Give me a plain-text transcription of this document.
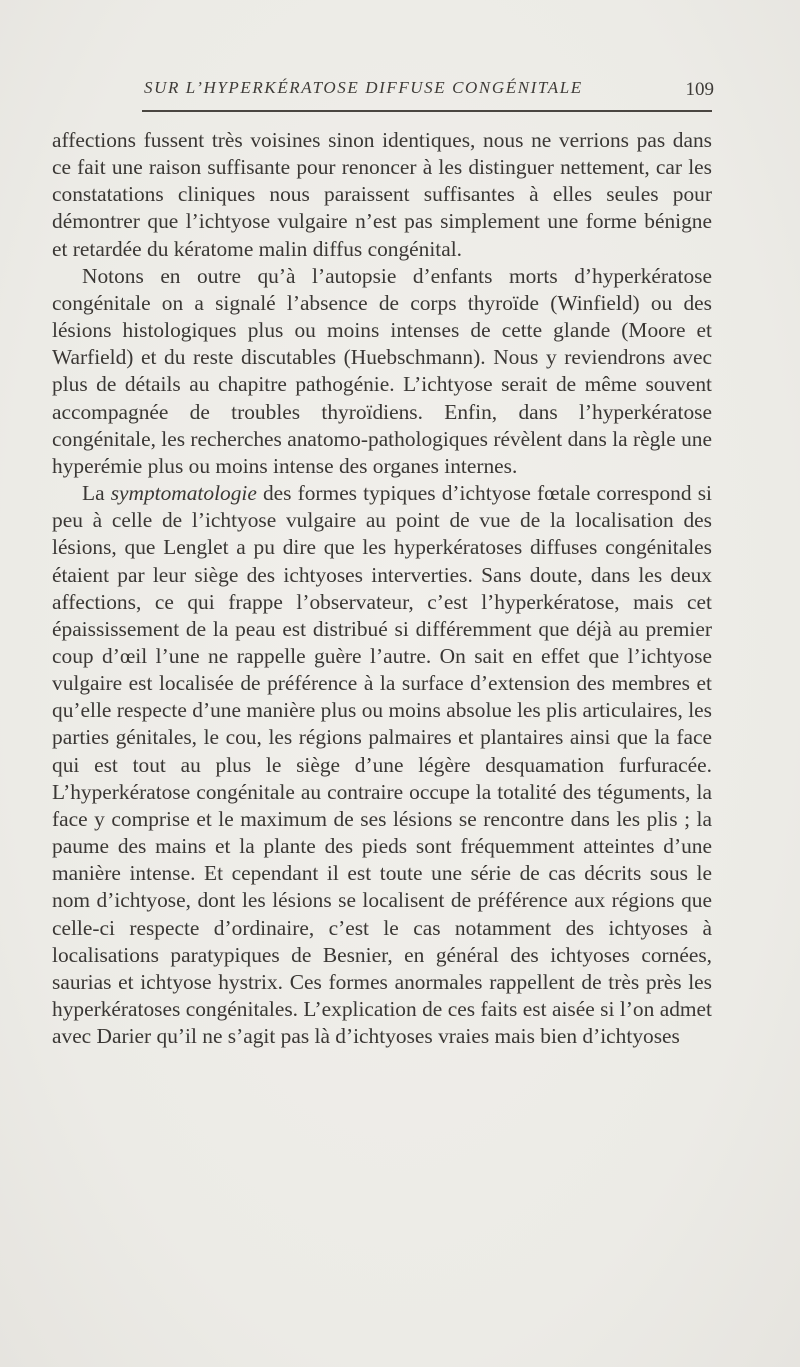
SUR L’HYPERKÉRATOSE DIFFUSE CONGÉNITALE	109

affections fussent très voisines sinon identiques, nous ne verrions pas dans ce fait une raison suffisante pour renoncer à les distinguer nettement, car les constatations cliniques nous paraissent suffisantes à elles seules pour démontrer que l’ichtyose vulgaire n’est pas simplement une forme bénigne et retardée du kératome malin diffus congénital.

Notons en outre qu’à l’autopsie d’enfants morts d’hyperkératose congénitale on a signalé l’absence de corps thyroïde (Winfield) ou des lésions histologiques plus ou moins intenses de cette glande (Moore et Warfield) et du reste discutables (Huebschmann). Nous y reviendrons avec plus de détails au chapitre pathogénie. L’ichtyose serait de même souvent accompagnée de troubles thyroïdiens. Enfin, dans l’hyperkératose congénitale, les recherches anatomo-pathologiques révèlent dans la règle une hyperémie plus ou moins intense des organes internes.

La symptomatologie des formes typiques d’ichtyose fœtale correspond si peu à celle de l’ichtyose vulgaire au point de vue de la localisation des lésions, que Lenglet a pu dire que les hyperkératoses diffuses congénitales étaient par leur siège des ichtyoses interverties. Sans doute, dans les deux affections, ce qui frappe l’observateur, c’est l’hyperkératose, mais cet épaississement de la peau est distribué si différemment que déjà au premier coup d’œil l’une ne rappelle guère l’autre. On sait en effet que l’ichtyose vulgaire est localisée de préférence à la surface d’extension des membres et qu’elle respecte d’une manière plus ou moins absolue les plis articulaires, les parties génitales, le cou, les régions palmaires et plantaires ainsi que la face qui est tout au plus le siège d’une légère desquamation furfuracée. L’hyperkératose congénitale au contraire occupe la totalité des téguments, la face y comprise et le maximum de ses lésions se rencontre dans les plis ; la paume des mains et la plante des pieds sont fréquemment atteintes d’une manière intense. Et cependant il est toute une série de cas décrits sous le nom d’ichtyose, dont les lésions se localisent de préférence aux régions que celle-ci respecte d’ordinaire, c’est le cas notamment des ichtyoses à localisations paratypiques de Besnier, en général des ichtyoses cornées, saurias et ichtyose hystrix. Ces formes anormales rappellent de très près les hyperkératoses congénitales. L’explication de ces faits est aisée si l’on admet avec Darier qu’il ne s’agit pas là d’ichtyoses vraies mais bien d’ichtyoses
